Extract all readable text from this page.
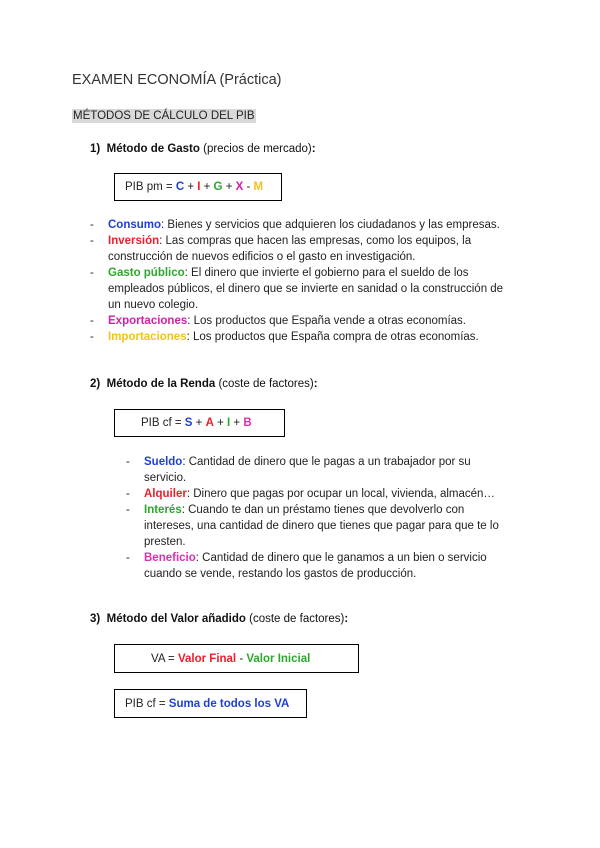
EXAMEN ECONOMÍA (Práctica)
MÉTODOS DE CÁLCULO DEL PIB
1) Método de Gasto (precios de mercado):
PIB pm = C + I + G + X - M
- Consumo: Bienes y servicios que adquieren los ciudadanos y las empresas.
- Inversión: Las compras que hacen las empresas, como los equipos, la
construcción de nuevos edificios o el gasto en investigación.
- Gasto público: El dinero que invierte el gobierno para el sueldo de los
empleados públicos, el dinero que se invierte en sanidad o la construcción de
un nuevo colegio.
- Exportaciones: Los productos que España vende a otras economías.
- Importaciones: Los productos que España compra de otras economías.
2) Método de la Renda (coste de factores):
PIB cf = S + A + I + B
- Sueldo: Cantidad de dinero que le pagas a un trabajador por su
servicio.
- Alquiler: Dinero que pagas por ocupar un local, vivienda, almacén…
- Interés: Cuando te dan un préstamo tienes que devolverlo con
intereses, una cantidad de dinero que tienes que pagar para que te lo
presten.
- Beneficio: Cantidad de dinero que le ganamos a un bien o servicio
cuando se vende, restando los gastos de producción.
3) Método del Valor añadido (coste de factores):
VA = Valor Final - Valor Inicial
PIB cf = Suma de todos los VA
